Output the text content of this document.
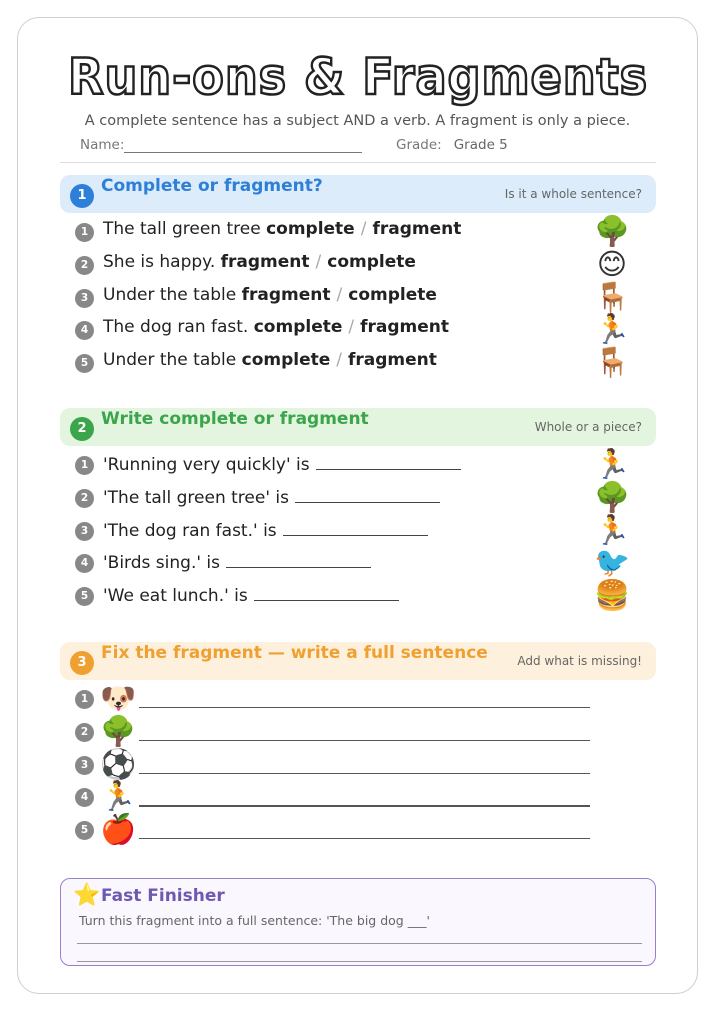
Run-ons & Fragments
A complete sentence has a subject AND a verb. A fragment is only a piece.
Name:	Grade: Grade 5
1 Complete or fragment?	Is it a whole sentence?
1 The tall green tree complete / fragment	🌳
2 She is happy. fragment / complete	😊
3 Under the table fragment / complete	🪑
4 The dog ran fast. complete / fragment	🏃
5 Under the table complete / fragment	🪑
2 Write complete or fragment	Whole or a piece?
1 'Running very quickly' is	🏃
2 'The tall green tree' is	🌳
3 'The dog ran fast.' is	🏃
4 'Birds sing.' is	🐦
5 'We eat lunch.' is	🍔
3 Fix the fragment — write a full sentence Add what is missing!
1 🐶
2 🌳
3 ⚽
4 🏃
5 🍎
⭐ Fast Finisher
Turn this fragment into a full sentence: 'The big dog ___'
